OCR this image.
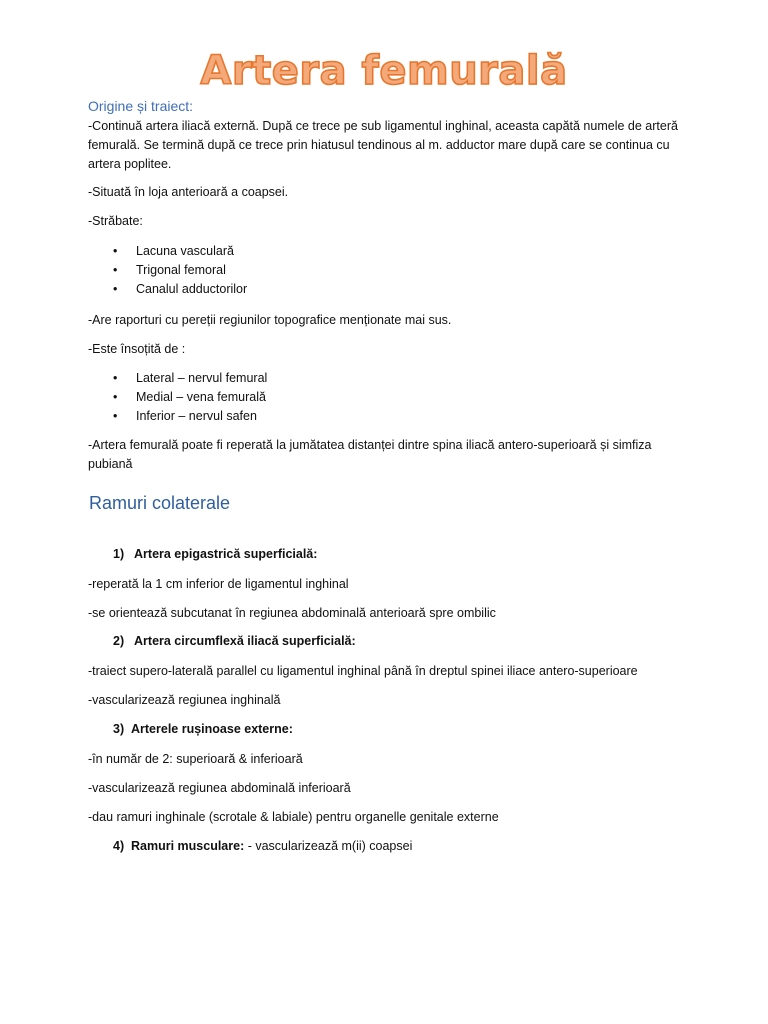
Artera femurală
Origine și traiect:

-Continuă artera iliacă externă. După ce trece pe sub ligamentul inghinal, aceasta capătă numele de arteră femurală. Se termină după ce trece prin hiatusul tendinous al m. adductor mare după care se continua cu artera poplitee.

-Situată în loja anterioară a coapsei.

-Străbate:

• Lacuna vasculară
• Trigonal femoral
• Canalul adductorilor

-Are raporturi cu pereții regiunilor topografice menționate mai sus.

-Este însoțită de :

• Lateral – nervul femural
• Medial – vena femurală
• Inferior – nervul safen

-Artera femurală poate fi reperată la jumătatea distanței dintre spina iliacă antero-superioară și simfiza pubiană

Ramuri colaterale
1) Artera epigastrică superficială:

-reperată la 1 cm inferior de ligamentul inghinal

-se orientează subcutanat în regiunea abdominală anterioară spre ombilic

2) Artera circumflexă iliacă superficială:

-traiect supero-laterală parallel cu ligamentul inghinal până în dreptul spinei iliace antero-superioare

-vascularizează regiunea inghinală

3) Arterele rușinoase externe:

-în număr de 2: superioară & inferioară

-vascularizează regiunea abdominală inferioară

-dau ramuri inghinale (scrotale & labiale) pentru organelle genitale externe

4) Ramuri musculare: - vascularizează m(ii) coapsei
